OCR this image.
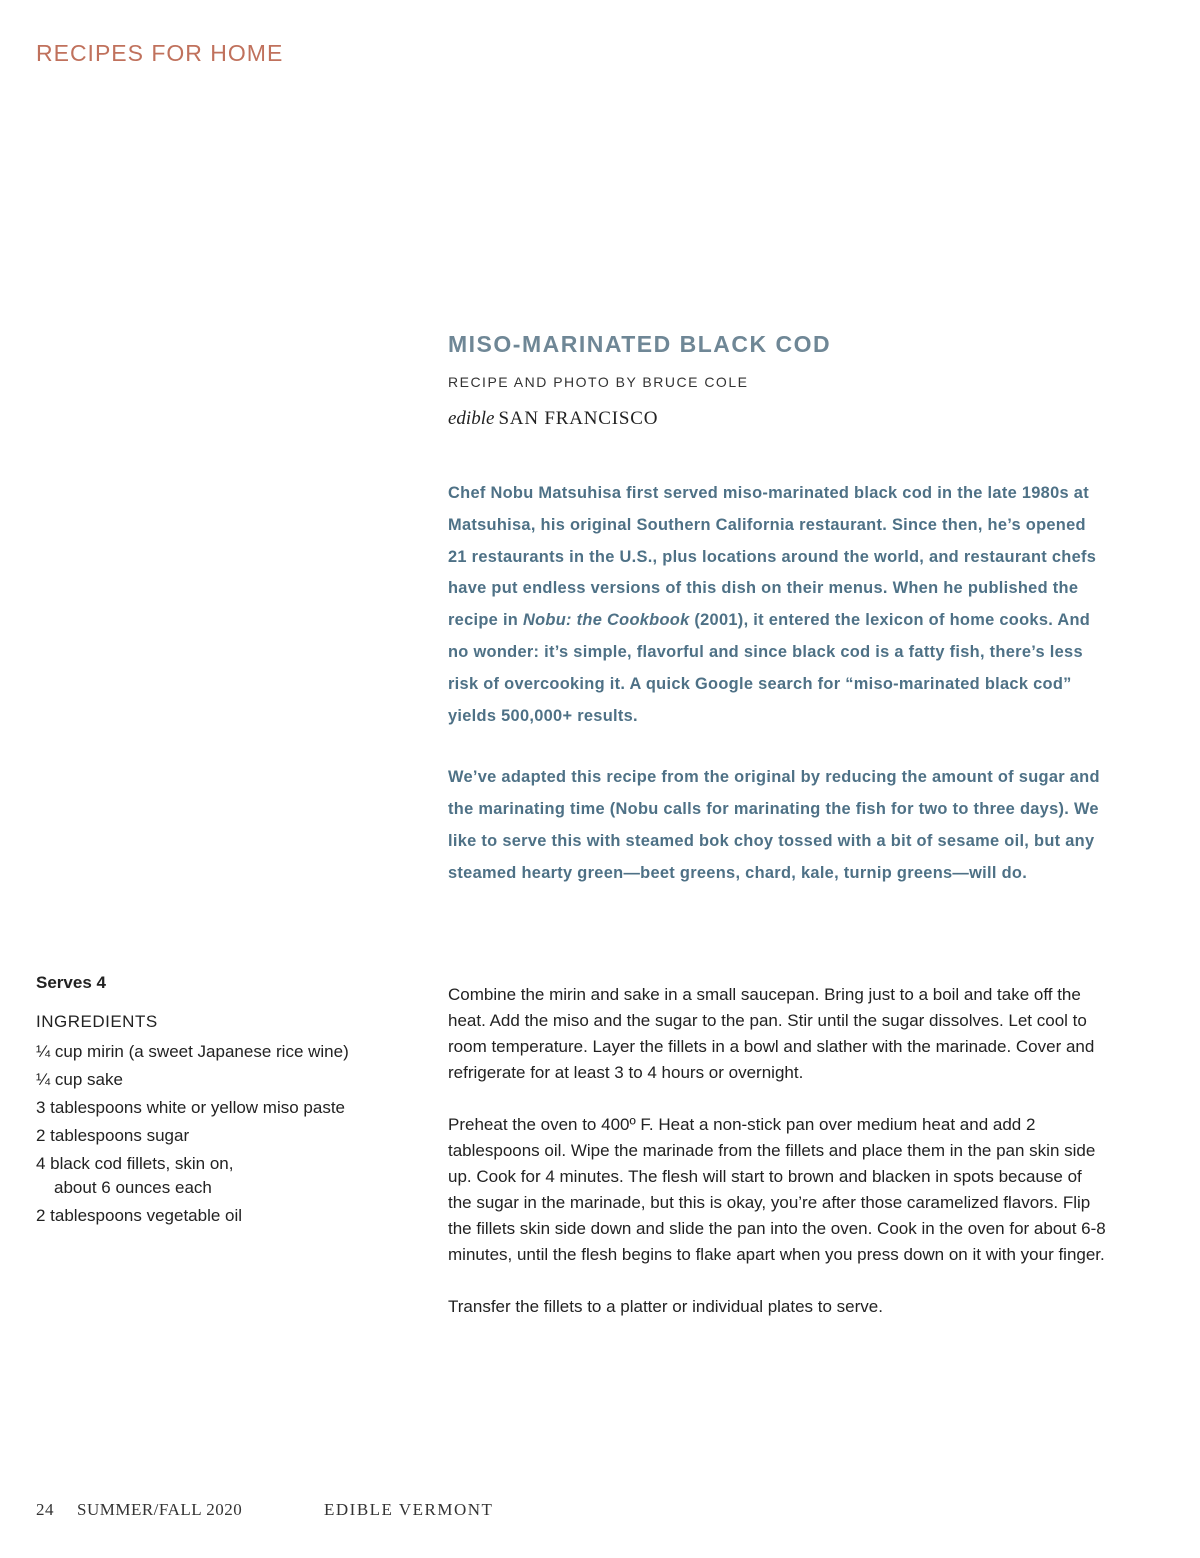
RECIPES FOR HOME
MISO-MARINATED BLACK COD
RECIPE AND PHOTO BY BRUCE COLE
edible SAN FRANCISCO

Chef Nobu Matsuhisa first served miso-marinated black cod in the late 1980s at Matsuhisa, his original Southern California restaurant. Since then, he’s opened 21 restaurants in the U.S., plus locations around the world, and restaurant chefs have put endless versions of this dish on their menus. When he published the recipe in Nobu: the Cookbook (2001), it entered the lexicon of home cooks. And no wonder: it’s simple, flavorful and since black cod is a fatty fish, there’s less risk of overcooking it. A quick Google search for “miso-marinated black cod” yields 500,000+ results.

We’ve adapted this recipe from the original by reducing the amount of sugar and the marinating time (Nobu calls for marinating the fish for two to three days). We like to serve this with steamed bok choy tossed with a bit of sesame oil, but any steamed hearty green—beet greens, chard, kale, turnip greens—will do.

Serves 4
INGREDIENTS
¼ cup mirin (a sweet Japanese rice wine)
¼ cup sake
3 tablespoons white or yellow miso paste
2 tablespoons sugar
4 black cod fillets, skin on,
about 6 ounces each
2 tablespoons vegetable oil

Combine the mirin and sake in a small saucepan. Bring just to a boil and take off the heat. Add the miso and the sugar to the pan. Stir until the sugar dissolves. Let cool to room temperature. Layer the fillets in a bowl and slather with the marinade. Cover and refrigerate for at least 3 to 4 hours or overnight.

Preheat the oven to 400º F. Heat a non-stick pan over medium heat and add 2 tablespoons oil. Wipe the marinade from the fillets and place them in the pan skin side up. Cook for 4 minutes. The flesh will start to brown and blacken in spots because of the sugar in the marinade, but this is okay, you’re after those caramelized flavors. Flip the fillets skin side down and slide the pan into the oven. Cook in the oven for about 6-8 minutes, until the flesh begins to flake apart when you press down on it with your finger.

Transfer the fillets to a platter or individual plates to serve.

24 SUMMER/FALL 2020	EDIBLE VERMONT
